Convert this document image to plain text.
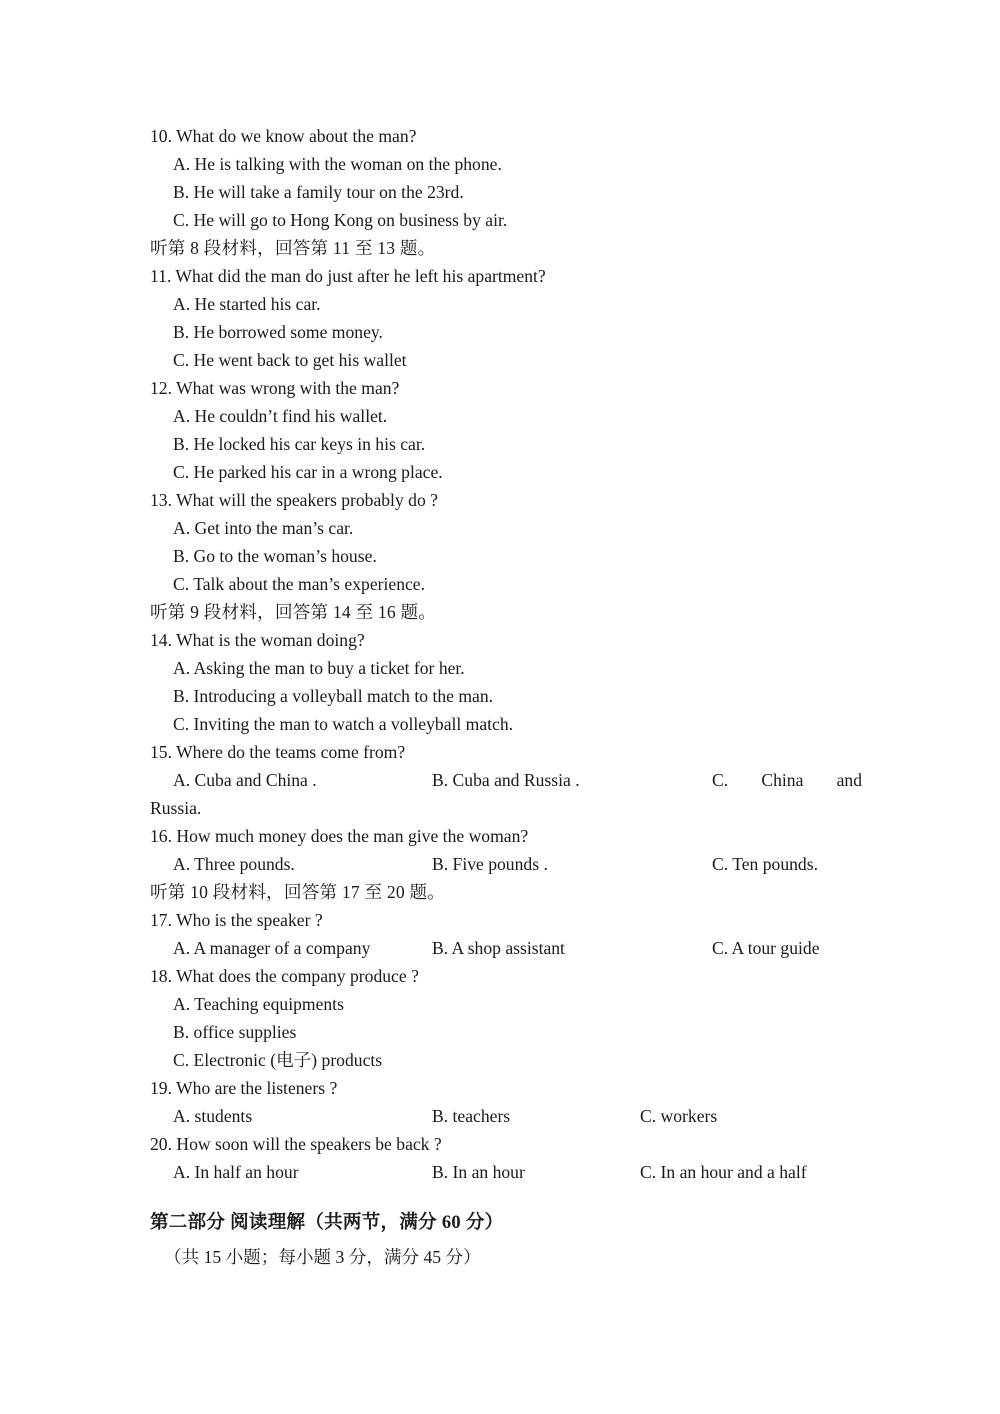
10. What do we know about the man?

A. He is talking with the woman on the phone.

B. He will take a family tour on the 23rd.

C. He will go to Hong Kong on business by air.

听第 8 段材料，回答第 11 至 13 题。

11. What did the man do just after he left his apartment?

A. He started his car.

B. He borrowed some money.

C. He went back to get his wallet

12. What was wrong with the man?

A. He couldn’t find his wallet.

B. He locked his car keys in his car.

C. He parked his car in a wrong place.

13. What will the speakers probably do ?

A. Get into the man’s car.

B. Go to the woman’s house.

C. Talk about the man’s experience.

听第 9 段材料，回答第 14 至 16 题。

14. What is the woman doing?

A. Asking the man to buy a ticket for her.

B. Introducing a volleyball match to the man.

C. Inviting the man to watch a volleyball match.

15. Where do the teams come from?

A. Cuba and China .	B. Cuba and Russia .	C. China and

Russia.

16. How much money does the man give the woman?

A. Three pounds.	B. Five pounds .	C. Ten pounds.

听第 10 段材料，回答第 17 至 20 题。

17. Who is the speaker ?

A. A manager of a company	B. A shop assistant	C. A tour guide

18. What does the company produce ?

A. Teaching equipments

B. office supplies

C. Electronic (电子) products

19. Who are the listeners ?

A. students	B. teachers	C. workers

20. How soon will the speakers be back ?

A. In half an hour	B. In an hour	C. In an hour and a half

第二部分 阅读理解（共两节，满分 60 分）

（共 15 小题；每小题 3 分，满分 45 分）
